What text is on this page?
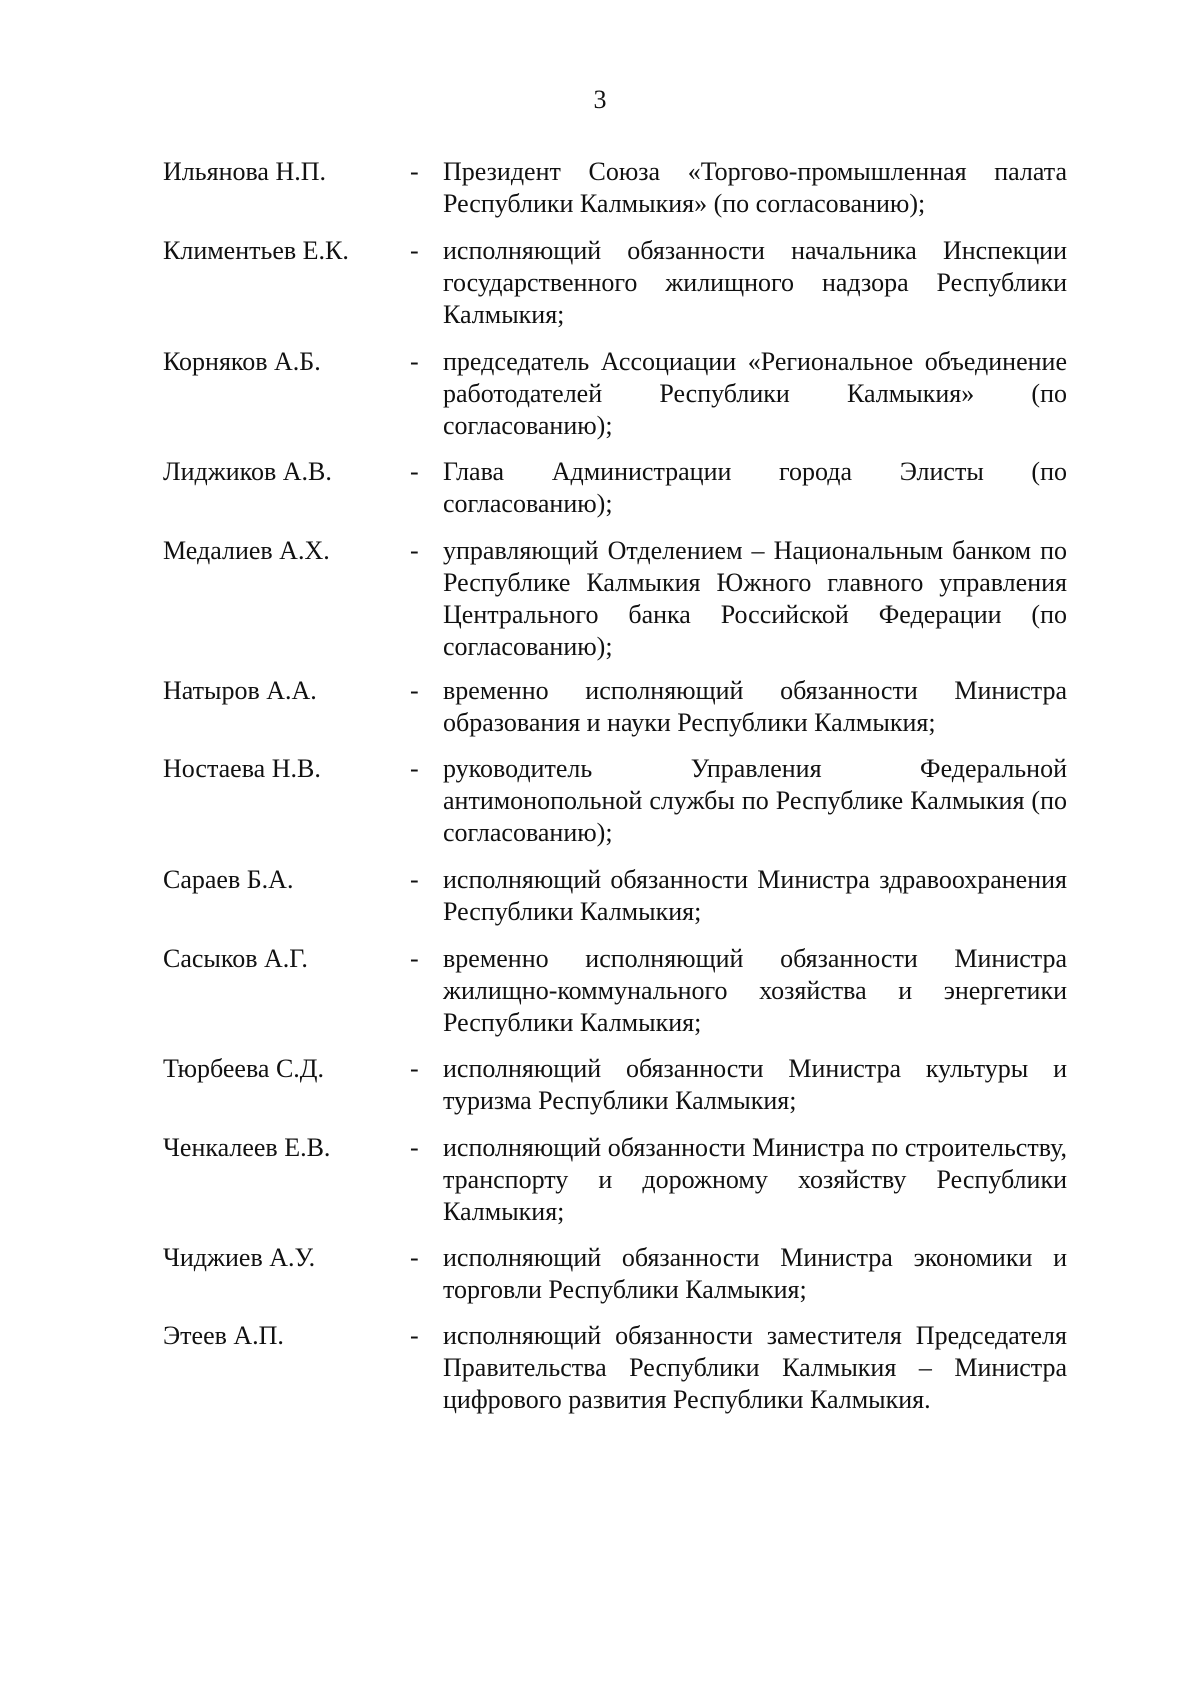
3
Ильянова Н.П.	- Президент Союза «Торгово-промышленная палата Республики Калмыкия» (по согласованию);
Климентьев Е.К.	- исполняющий обязанности начальника Инспекции государственного жилищного надзора Республики Калмыкия;
Корняков А.Б.	- председатель Ассоциации «Региональное объединение работодателей Республики Калмыкия» (по согласованию);
Лиджиков А.В.	- Глава Администрации города Элисты (по согласованию);
Медалиев А.Х.	- управляющий Отделением – Национальным банком по Республике Калмыкия Южного главного управления Центрального банка Российской Федерации (по согласованию);
Натыров А.А.	- временно исполняющий обязанности Министра образования и науки Республики Калмыкия;
Ностаева Н.В.	- руководитель Управления Федеральной антимонопольной службы по Республике Калмыкия (по согласованию);
Сараев Б.А.	- исполняющий обязанности Министра здравоохранения Республики Калмыкия;
Сасыков А.Г.	- временно исполняющий обязанности Министра жилищно-коммунального хозяйства и энергетики Республики Калмыкия;
Тюрбеева С.Д.	- исполняющий обязанности Министра культуры и туризма Республики Калмыкия;
Ченкалеев Е.В.	- исполняющий обязанности Министра по строительству, транспорту и дорожному хозяйству Республики Калмыкия;
Чиджиев А.У.	- исполняющий обязанности Министра экономики и торговли Республики Калмыкия;
Этеев А.П.	- исполняющий обязанности заместителя Председателя Правительства Республики Калмыкия – Министра цифрового развития Республики Калмыкия.
